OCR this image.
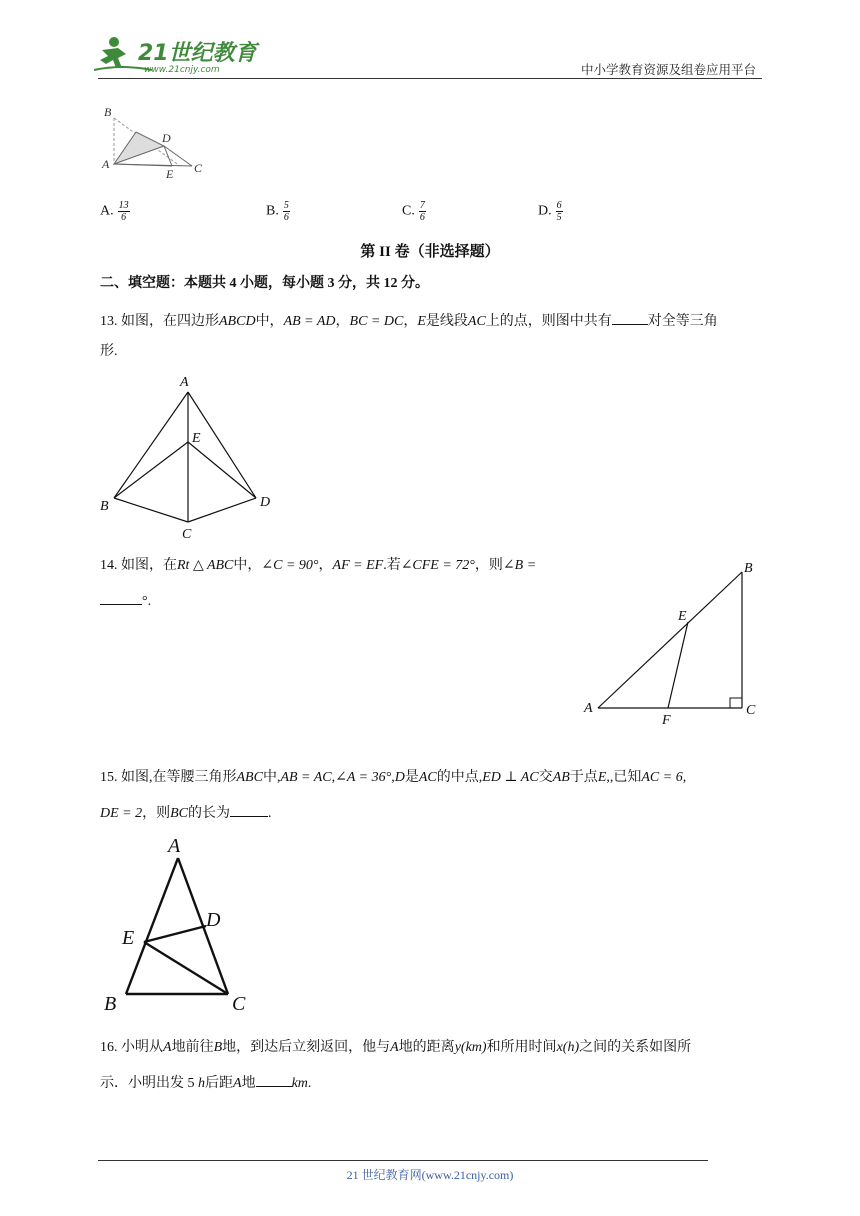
21世纪教育
www.21cnjy.com	中小学教育资源及组卷应用平台
B
D
A
E C
A. $\frac{13}{6}$	B. $\frac{5}{6}$	C. $\frac{7}{6}$	D. $\frac{6}{5}$
第 II 卷（非选择题）
二、填空题：本题共 4 小题，每小题 3 分，共 12 分。
13. 如图，在四边形ABCD中，AB = AD，BC = DC，E是线段AC上的点，则图中共有	对全等三角
形.
A
E
B	D
C
14. 如图，在Rt △ ABC中，∠C = 90°，AF = EF.若∠CFE = 72°，则∠B =
°.
B
E
A
F
C
15. 如图,在等腰三角形ABC中,AB = AC,∠A = 36°,D是AC的中点,ED ⊥ AC交AB于点E,,已知AC = 6,
DE = 2，则BC的长为	.
A
D
E
B	C
16. 小明从A地前往B地，到达后立刻返回，他与A地的距离y(km)和所用时间x(h)之间的关系如图所
示．小明出发 5 h后距A地	km.
21 世纪教育网(www.21cnjy.com)
